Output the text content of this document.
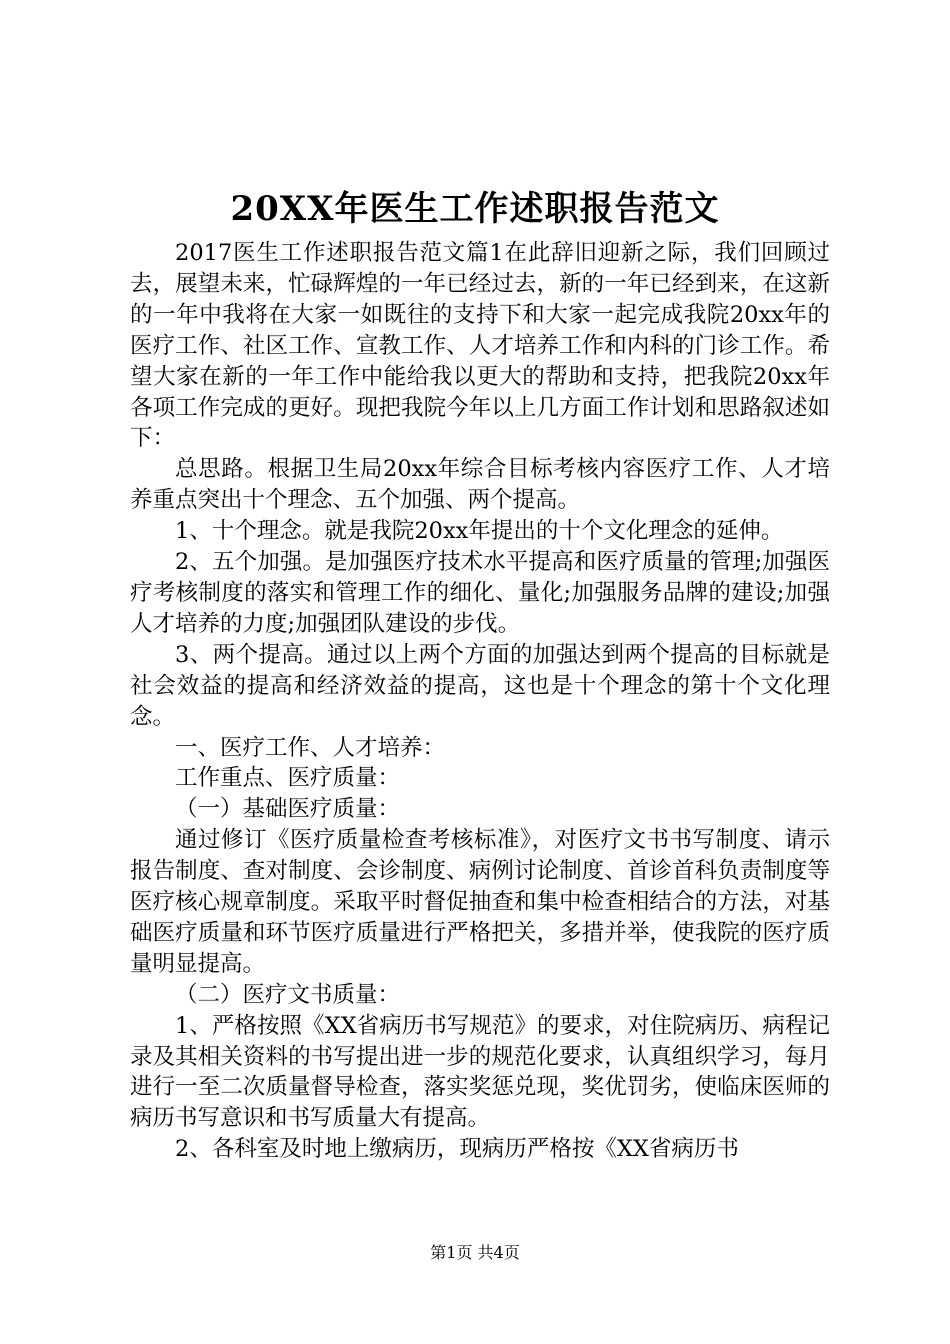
20XX年医生工作述职报告范文

2017医生工作述职报告范文篇1在此辞旧迎新之际，我们回顾过去，展望未来，忙碌辉煌的一年已经过去，新的一年已经到来，在这新的一年中我将在大家一如既往的支持下和大家一起完成我院20xx年的医疗工作、社区工作、宣教工作、人才培养工作和内科的门诊工作。希望大家在新的一年工作中能给我以更大的帮助和支持，把我院20xx年各项工作完成的更好。现把我院今年以上几方面工作计划和思路叙述如下：

总思路。根据卫生局20xx年综合目标考核内容医疗工作、人才培养重点突出十个理念、五个加强、两个提高。

1、十个理念。就是我院20xx年提出的十个文化理念的延伸。

2、五个加强。是加强医疗技术水平提高和医疗质量的管理;加强医疗考核制度的落实和管理工作的细化、量化;加强服务品牌的建设;加强人才培养的力度;加强团队建设的步伐。

3、两个提高。通过以上两个方面的加强达到两个提高的目标就是社会效益的提高和经济效益的提高，这也是十个理念的第十个文化理念。

一、医疗工作、人才培养：

工作重点、医疗质量：

（一）基础医疗质量：

通过修订《医疗质量检查考核标准》，对医疗文书书写制度、请示报告制度、查对制度、会诊制度、病例讨论制度、首诊首科负责制度等医疗核心规章制度。采取平时督促抽查和集中检查相结合的方法，对基础医疗质量和环节医疗质量进行严格把关，多措并举，使我院的医疗质量明显提高。

（二）医疗文书质量：

1、严格按照《XX省病历书写规范》的要求，对住院病历、病程记录及其相关资料的书写提出进一步的规范化要求，认真组织学习，每月进行一至二次质量督导检查，落实奖惩兑现，奖优罚劣，使临床医师的病历书写意识和书写质量大有提高。

2、各科室及时地上缴病历，现病历严格按《XX省病历书

第1页 共4页
